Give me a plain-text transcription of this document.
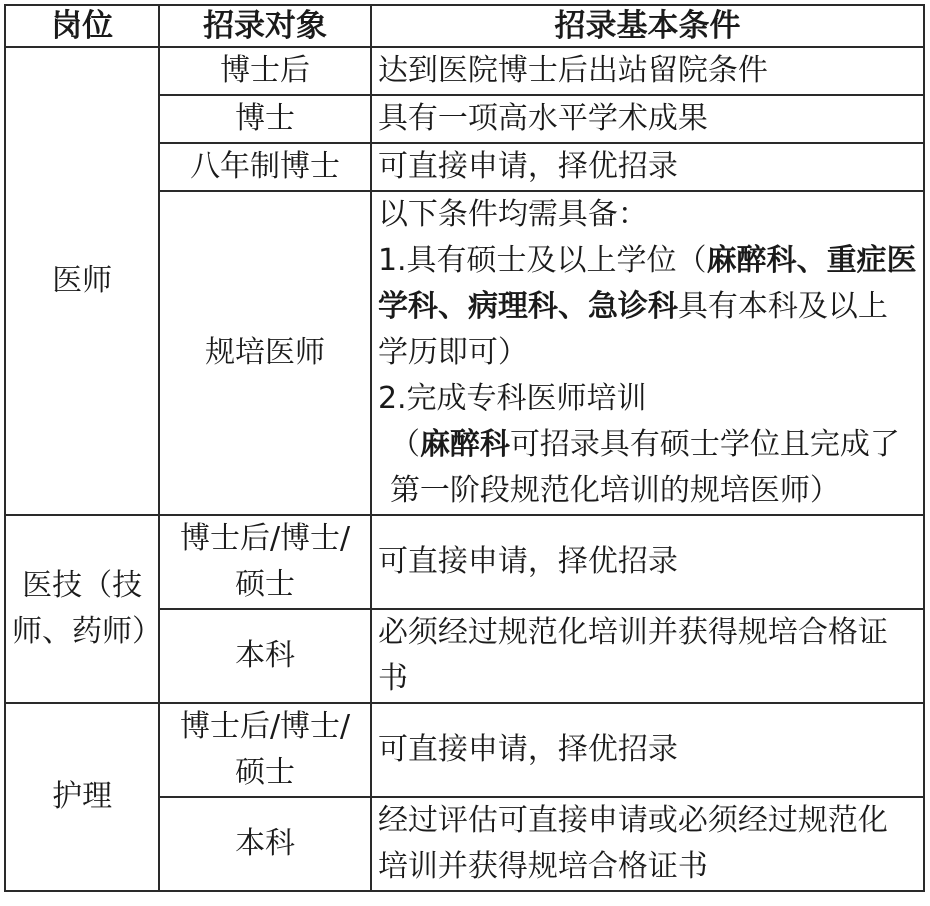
岗位	招录对象	招录基本条件
医师	博士后	达到医院博士后出站留院条件
	博士	具有一项高水平学术成果
	八年制博士	可直接申请，择优招录
	规培医师	以下条件均需具备：
1.具有硕士及以上学位（麻醉科、重症医学科、病理科、急诊科具有本科及以上学历即可）
2.完成专科医师培训
（麻醉科可招录具有硕士学位且完成了第一阶段规范化培训的规培医师）

医技（技师、药师）	博士后/博士/硕士	可直接申请，择优招录
	本科	必须经过规范化培训并获得规培合格证书
护理	博士后/博士/硕士	可直接申请，择优招录
	本科	经过评估可直接申请或必须经过规范化培训并获得规培合格证书
